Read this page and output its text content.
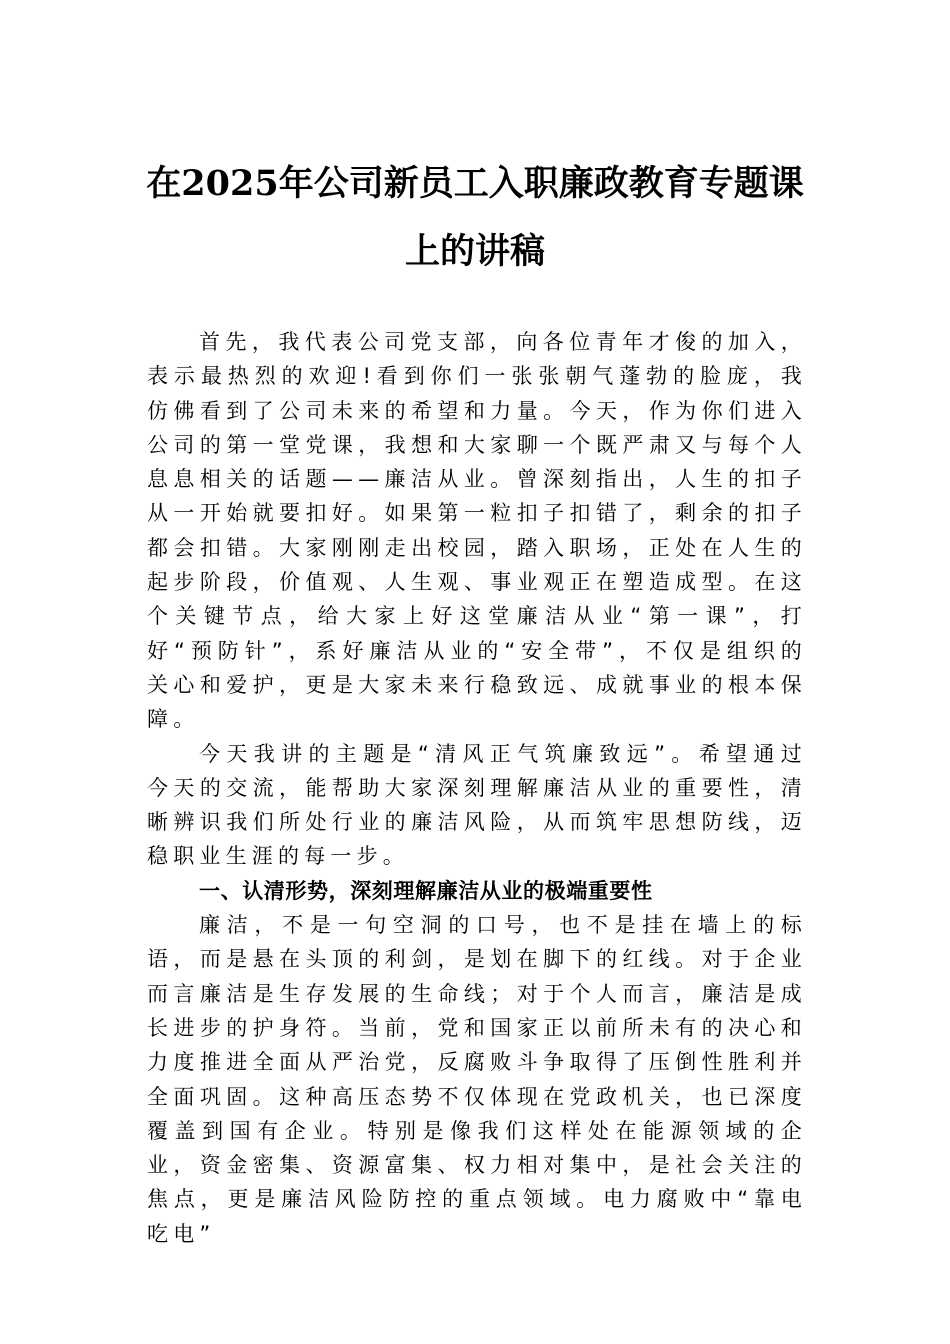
在2025年公司新员工入职廉政教育专题课
上的讲稿

首先，我代表公司党支部，向各位青年才俊的加入，表示最热烈的欢迎!看到你们一张张朝气蓬勃的脸庞，我仿佛看到了公司未来的希望和力量。今天，作为你们进入公司的第一堂党课，我想和大家聊一个既严肃又与每个人息息相关的话题——廉洁从业。曾深刻指出，人生的扣子从一开始就要扣好。如果第一粒扣子扣错了，剩余的扣子都会扣错。大家刚刚走出校园，踏入职场，正处在人生的起步阶段，价值观、人生观、事业观正在塑造成型。在这个关键节点，给大家上好这堂廉洁从业“第一课”，打好“预防针”，系好廉洁从业的“安全带”，不仅是组织的关心和爱护，更是大家未来行稳致远、成就事业的根本保障。

今天我讲的主题是“清风正气筑廉致远”。希望通过今天的交流，能帮助大家深刻理解廉洁从业的重要性，清晰辨识我们所处行业的廉洁风险，从而筑牢思想防线，迈稳职业生涯的每一步。

一、认清形势，深刻理解廉洁从业的极端重要性

廉洁，不是一句空洞的口号，也不是挂在墙上的标语，而是悬在头顶的利剑，是划在脚下的红线。对于企业而言廉洁是生存发展的生命线；对于个人而言，廉洁是成长进步的护身符。当前，党和国家正以前所未有的决心和力度推进全面从严治党，反腐败斗争取得了压倒性胜利并全面巩固。这种高压态势不仅体现在党政机关，也已深度覆盖到国有企业。特别是像我们这样处在能源领域的企业，资金密集、资源富集、权力相对集中，是社会关注的焦点，更是廉洁风险防控的重点领域。电力腐败中“靠电吃电”
